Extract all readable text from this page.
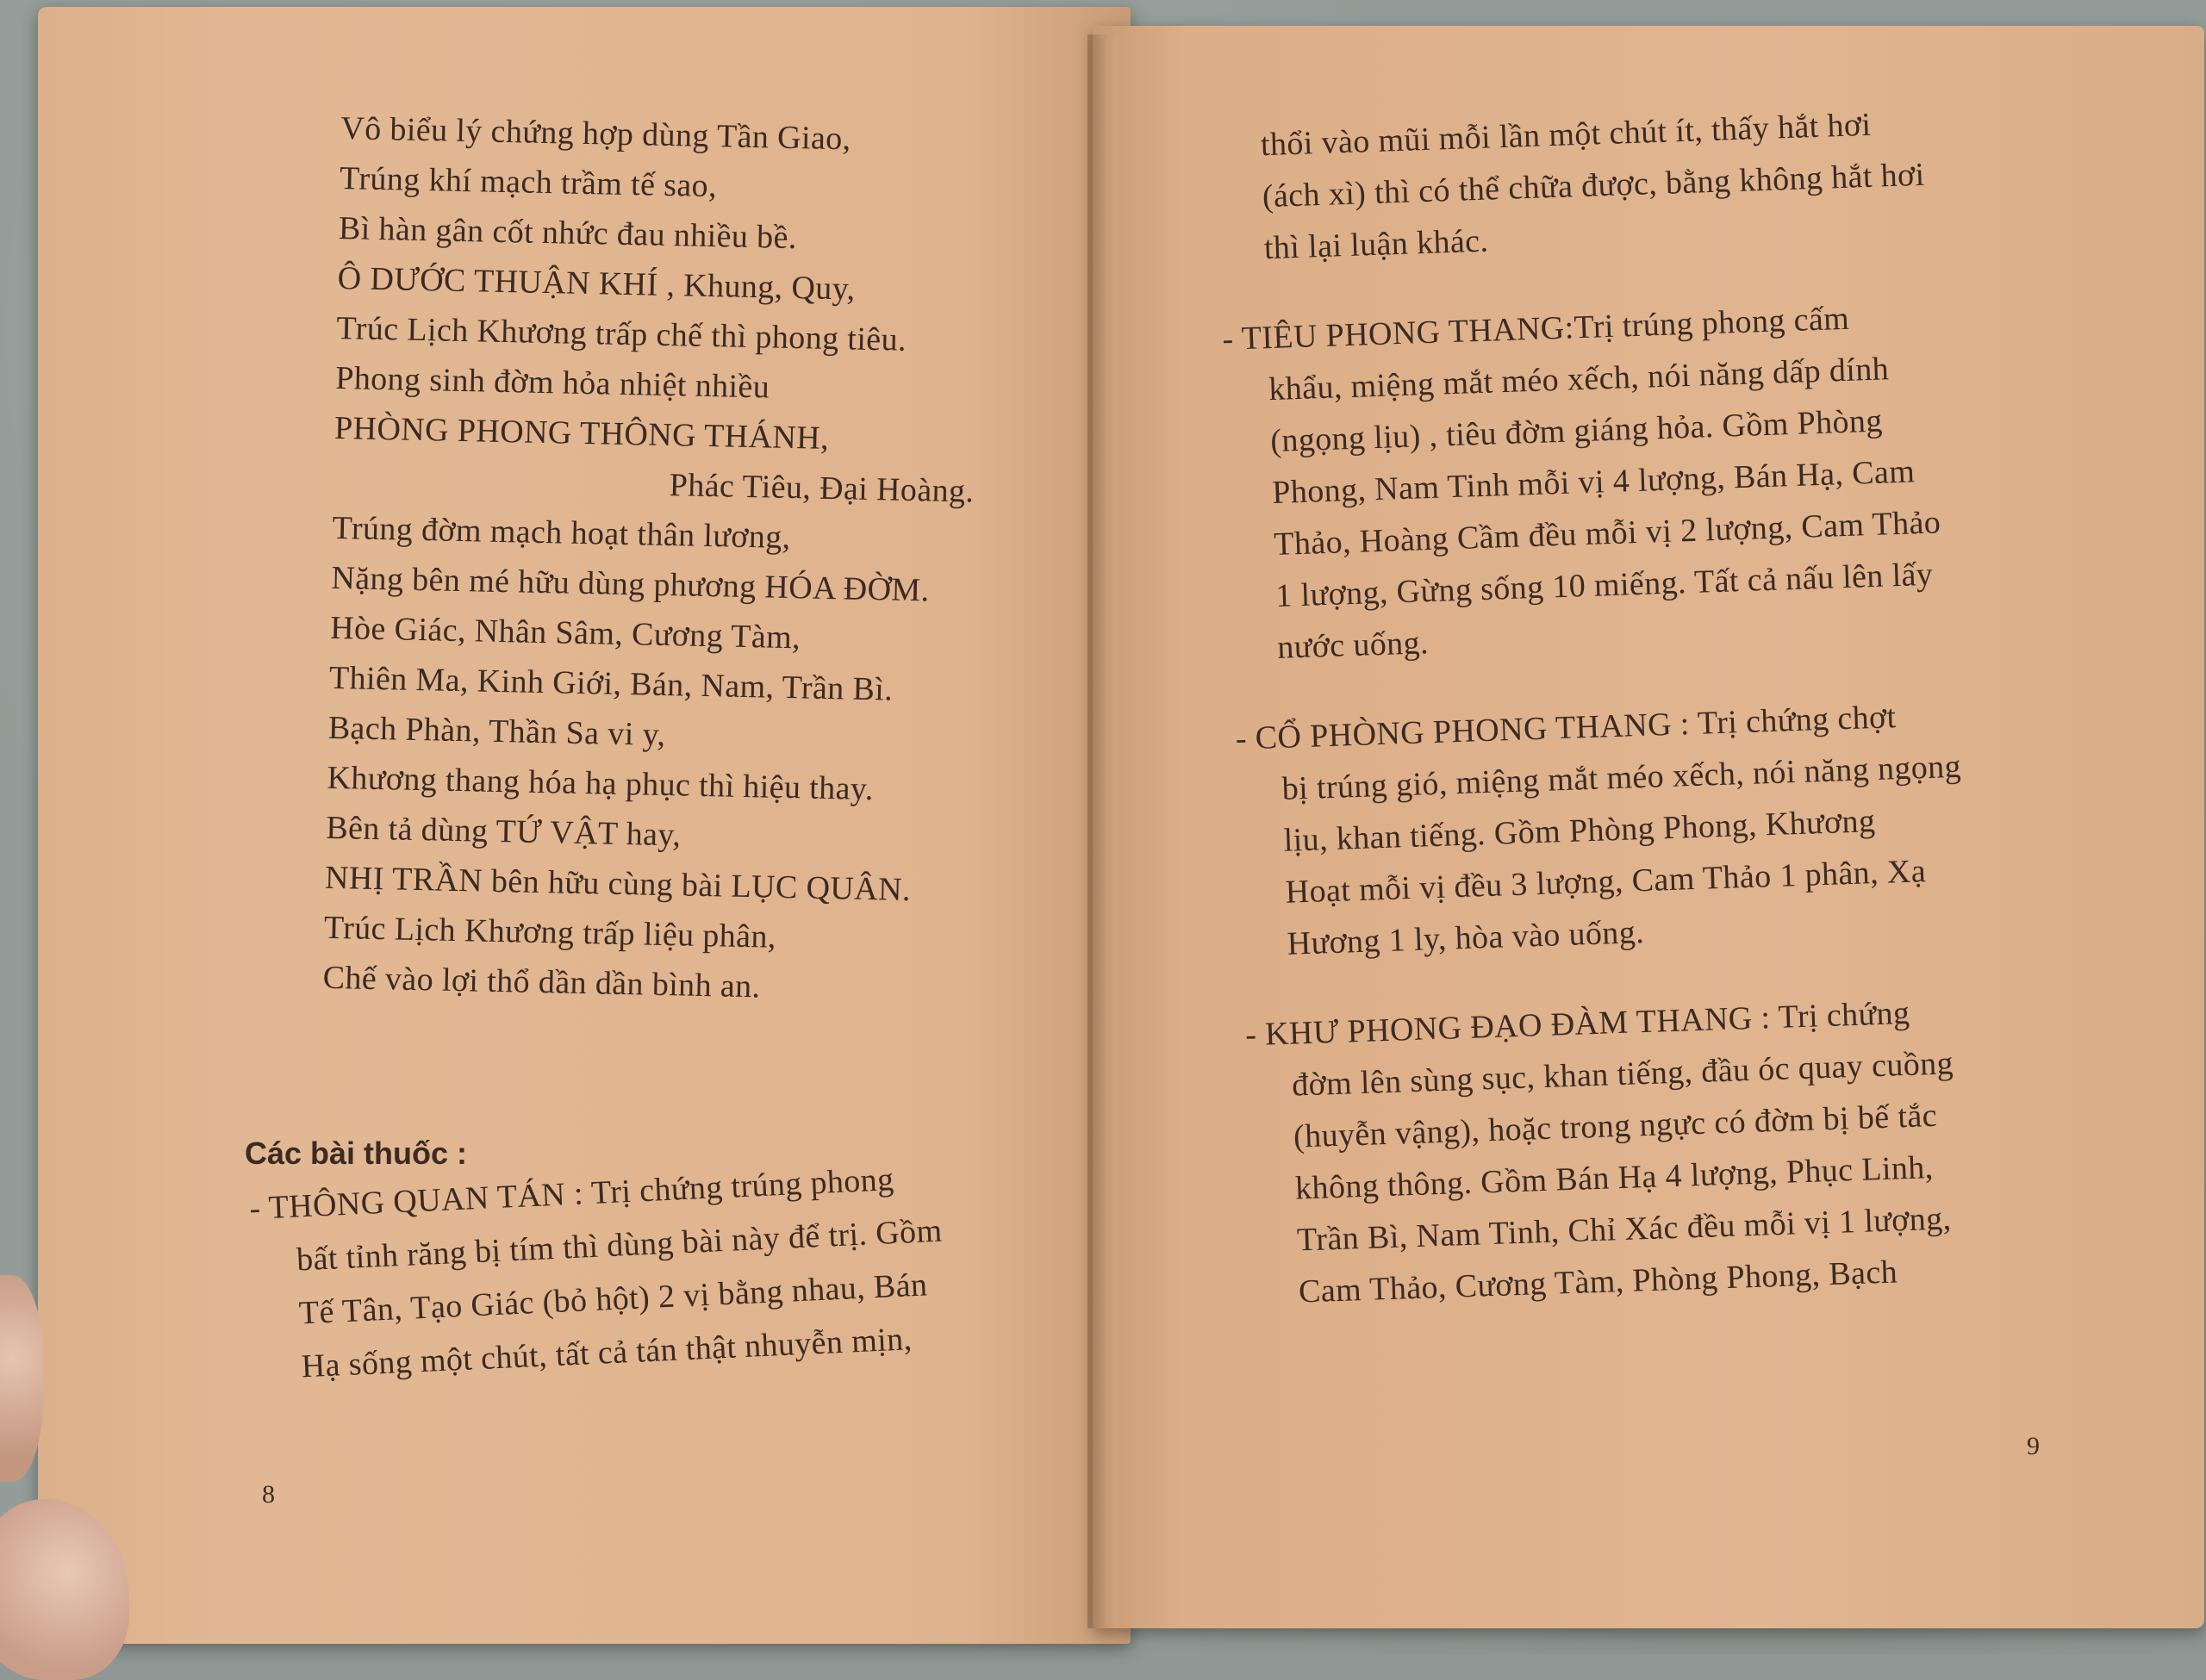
Vô biểu lý chứng hợp dùng Tần Giao,
Trúng khí mạch trầm tế sao,
Bì hàn gân cốt nhức đau nhiều bề.
Ô DƯỚC THUẬN KHÍ , Khung, Quy,
Trúc Lịch Khương trấp chế thì phong tiêu.
Phong sinh đờm hỏa nhiệt nhiều
PHÒNG PHONG THÔNG THÁNH,
Phác Tiêu, Đại Hoàng.
Trúng đờm mạch hoạt thân lương,
Nặng bên mé hữu dùng phương HÓA ĐỜM.
Hòe Giác, Nhân Sâm, Cương Tàm,
Thiên Ma, Kinh Giới, Bán, Nam, Trần Bì.
Bạch Phàn, Thần Sa vi y,
Khương thang hóa hạ phục thì hiệu thay.
Bên tả dùng TỨ VẬT hay,
NHỊ TRẦN bên hữu cùng bài LỤC QUÂN.
Trúc Lịch Khương trấp liệu phân,
Chế vào lợi thổ dần dần bình an.
Các bài thuốc :
- THÔNG QUAN TÁN : Trị chứng trúng phong
bất tỉnh răng bị tím thì dùng bài này để trị. Gồm
Tế Tân, Tạo Giác (bỏ hột) 2 vị bằng nhau, Bán
Hạ sống một chút, tất cả tán thật nhuyễn mịn,
8
thổi vào mũi mỗi lần một chút ít, thấy hắt hơi
(ách xì) thì có thể chữa được, bằng không hắt hơi
thì lại luận khác.
- TIÊU PHONG THANG:Trị trúng phong cấm
khẩu, miệng mắt méo xếch, nói năng dấp dính
(ngọng lịu) , tiêu đờm giáng hỏa. Gồm Phòng
Phong, Nam Tinh mỗi vị 4 lượng, Bán Hạ, Cam
Thảo, Hoàng Cầm đều mỗi vị 2 lượng, Cam Thảo
1 lượng, Gừng sống 10 miếng. Tất cả nấu lên lấy
nước uống.
- CỔ PHÒNG PHONG THANG : Trị chứng chợt
bị trúng gió, miệng mắt méo xếch, nói năng ngọng
lịu, khan tiếng. Gồm Phòng Phong, Khương
Hoạt mỗi vị đều 3 lượng, Cam Thảo 1 phân, Xạ
Hương 1 ly, hòa vào uống.
- KHƯ PHONG ĐẠO ĐÀM THANG : Trị chứng
đờm lên sùng sục, khan tiếng, đầu óc quay cuồng
(huyễn vậng), hoặc trong ngực có đờm bị bế tắc
không thông. Gồm Bán Hạ 4 lượng, Phục Linh,
Trần Bì, Nam Tinh, Chỉ Xác đều mỗi vị 1 lượng,
Cam Thảo, Cương Tàm, Phòng Phong, Bạch
9
